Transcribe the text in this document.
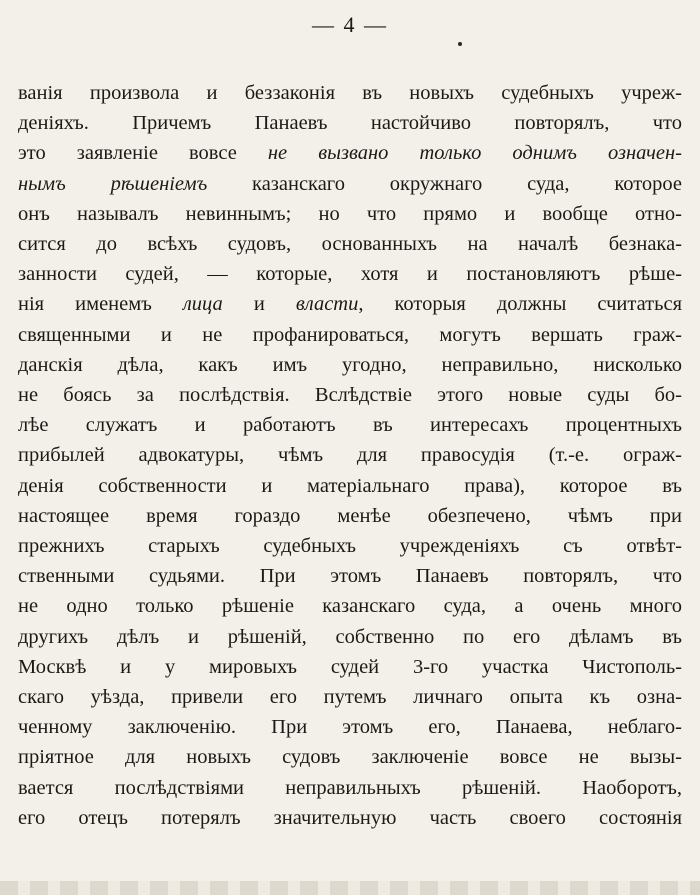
— 4 —
ванія произвола и беззаконія въ новыхъ судебныхъ учреж-
деніяхъ. Причемъ Панаевъ настойчиво повторялъ, что
это заявленіе вовсе не вызвано только однимъ означен-
нымъ рѣшеніемъ казанскаго окружнаго суда, которое
онъ называлъ невиннымъ; но что прямо и вообще отно-
сится до всѣхъ судовъ, основанныхъ на началѣ безнака-
занности судей, — которые, хотя и постановляютъ рѣше-
нія именемъ лица и власти, которыя должны считаться
священными и не профанироваться, могутъ вершать граж-
данскія дѣла, какъ имъ угодно, неправильно, нисколько
не боясь за послѣдствія. Вслѣдствіе этого новые суды бо-
лѣе служатъ и работаютъ въ интересахъ процентныхъ
прибылей адвокатуры, чѣмъ для правосудія (т.-е. ограж-
денія собственности и матеріальнаго права), которое въ
настоящее время гораздо менѣе обезпечено, чѣмъ при
прежнихъ старыхъ судебныхъ учрежденіяхъ съ отвѣт-
ственными судьями. При этомъ Панаевъ повторялъ, что
не одно только рѣшеніе казанскаго суда, а очень много
другихъ дѣлъ и рѣшеній, собственно по его дѣламъ въ
Москвѣ и у мировыхъ судей 3-го участка Чистополь-
скаго уѣзда, привели его путемъ личнаго опыта къ озна-
ченному заключенію. При этомъ его, Панаева, неблаго-
пріятное для новыхъ судовъ заключеніе вовсе не вызы-
вается послѣдствіями неправильныхъ рѣшеній. Наоборотъ,
его отецъ потерялъ значительную часть своего состоянія
